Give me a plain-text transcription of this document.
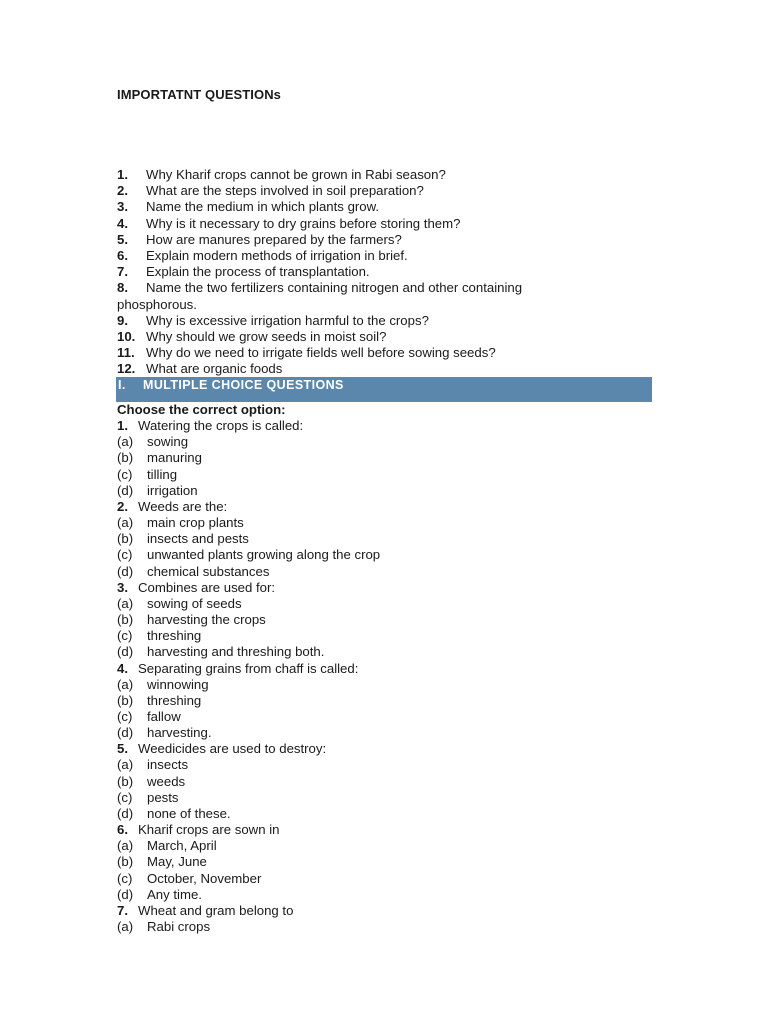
IMPORTATNT QUESTIONs

1. Why Kharif crops cannot be grown in Rabi season?

2. What are the steps involved in soil preparation?

3. Name the medium in which plants grow.

4. Why is it necessary to dry grains before storing them?

5. How are manures prepared by the farmers?

6. Explain modern methods of irrigation in brief.

7. Explain the process of transplantation.

8. Name the two fertilizers containing nitrogen and other containing

phosphorous.

9. Why is excessive irrigation harmful to the crops?

10. Why should we grow seeds in moist soil?

11. Why do we need to irrigate fields well before sowing seeds?

12. What are organic foods

I. MULTIPLE CHOICE QUESTIONS

Choose the correct option:

1. Watering the crops is called:

(a) sowing

(b) manuring

(c) tilling

(d) irrigation

2. Weeds are the:

(a) main crop plants

(b) insects and pests

(c) unwanted plants growing along the crop

(d) chemical substances

3. Combines are used for:

(a) sowing of seeds

(b) harvesting the crops

(c) threshing

(d) harvesting and threshing both.

4. Separating grains from chaff is called:

(a) winnowing

(b) threshing

(c) fallow

(d) harvesting.

5. Weedicides are used to destroy:

(a) insects

(b) weeds

(c) pests

(d) none of these.

6. Kharif crops are sown in

(a) March, April

(b) May, June

(c) October, November

(d) Any time.

7. Wheat and gram belong to

(a) Rabi crops
